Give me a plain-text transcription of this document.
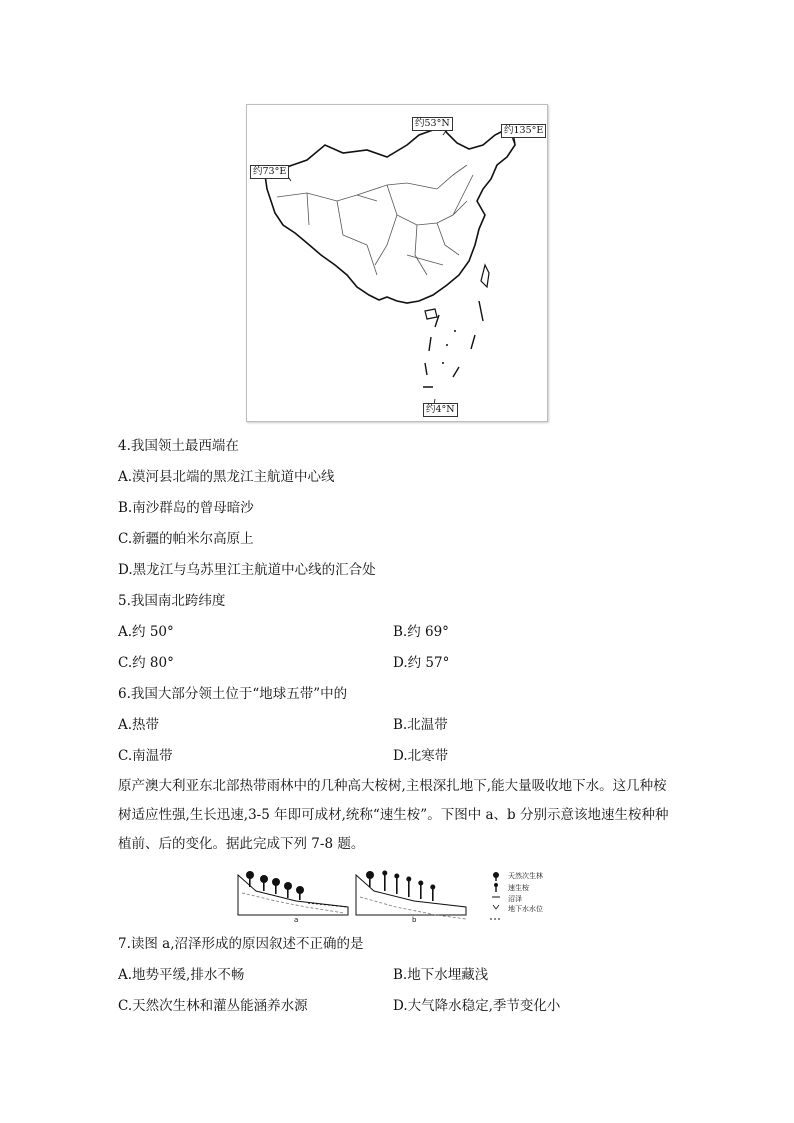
约53°N
约135°E
约73°E
约4°N
4.我国领土最西端在
A.漠河县北端的黑龙江主航道中心线
B.南沙群岛的曾母暗沙
C.新疆的帕米尔高原上
D.黑龙江与乌苏里江主航道中心线的汇合处
5.我国南北跨纬度
A.约 50°	B.约 69°
C.约 80°	D.约 57°
6.我国大部分领土位于“地球五带”中的
A.热带	B.北温带
C.南温带	D.北寒带
原产澳大利亚东北部热带雨林中的几种高大桉树,主根深扎地下,能大量吸收地下水。这几种桉树适应性强,生长迅速,3-5 年即可成材,统称“速生桉”。下图中 a、b 分别示意该地速生桉种种植前、后的变化。据此完成下列 7-8 题。
a	b
天然次生林
速生桉
沼泽
地下水水位
7.读图 a,沼泽形成的原因叙述不正确的是
A.地势平缓,排水不畅	B.地下水埋藏浅
C.天然次生林和灌丛能涵养水源	D.大气降水稳定,季节变化小
